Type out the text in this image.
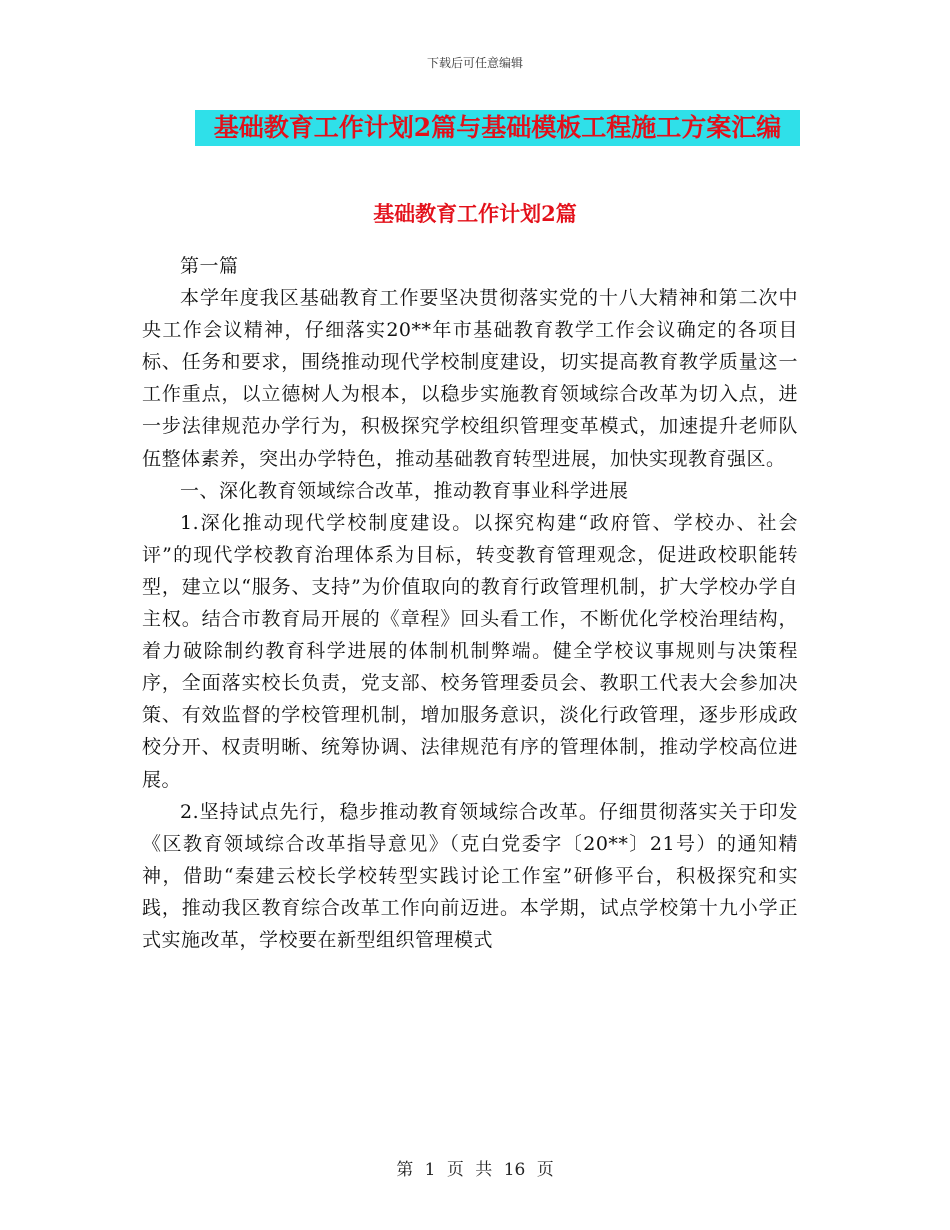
下载后可任意编辑
基础教育工作计划2篇与基础模板工程施工方案汇编
基础教育工作计划2篇

第一篇

本学年度我区基础教育工作要坚决贯彻落实党的十八大精神和第二次中央工作会议精神，仔细落实20**年市基础教育教学工作会议确定的各项目标、任务和要求，围绕推动现代学校制度建设，切实提高教育教学质量这一工作重点，以立德树人为根本，以稳步实施教育领域综合改革为切入点，进一步法律规范办学行为，积极探究学校组织管理变革模式，加速提升老师队伍整体素养，突出办学特色，推动基础教育转型进展，加快实现教育强区。

一、深化教育领域综合改革，推动教育事业科学进展

1.深化推动现代学校制度建设。以探究构建“政府管、学校办、社会评”的现代学校教育治理体系为目标，转变教育管理观念，促进政校职能转型，建立以“服务、支持”为价值取向的教育行政管理机制，扩大学校办学自主权。结合市教育局开展的《章程》回头看工作，不断优化学校治理结构，着力破除制约教育科学进展的体制机制弊端。健全学校议事规则与决策程序，全面落实校长负责，党支部、校务管理委员会、教职工代表大会参加决策、有效监督的学校管理机制，增加服务意识，淡化行政管理，逐步形成政校分开、权责明晰、统筹协调、法律规范有序的管理体制，推动学校高位进展。

2.坚持试点先行，稳步推动教育领域综合改革。仔细贯彻落实关于印发《区教育领域综合改革指导意见》（克白党委字〔20**〕21号）的通知精神，借助“秦建云校长学校转型实践讨论工作室”研修平台，积极探究和实践，推动我区教育综合改革工作向前迈进。本学期，试点学校第十九小学正式实施改革，学校要在新型组织管理模式

第 1 页 共 16 页
